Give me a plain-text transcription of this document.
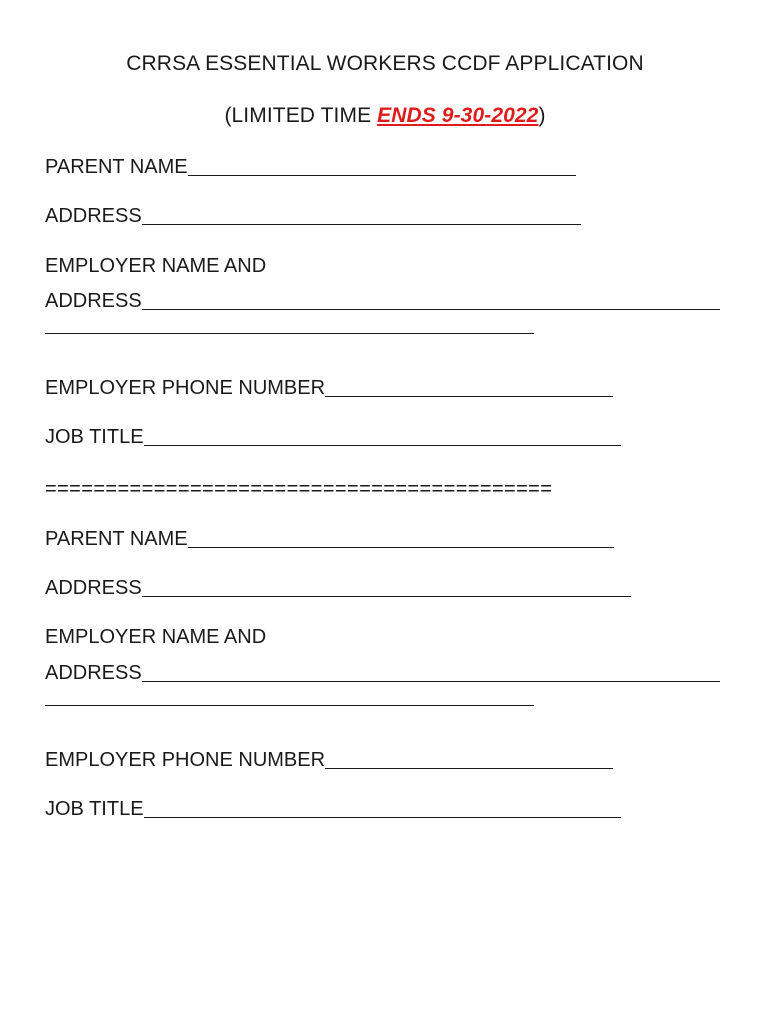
CRRSA ESSENTIAL WORKERS CCDF APPLICATION
(LIMITED TIME ENDS 9-30-2022)
PARENT NAME
ADDRESS
EMPLOYER NAME AND
ADDRESS
EMPLOYER PHONE NUMBER
JOB TITLE
==========================================
PARENT NAME
ADDRESS
EMPLOYER NAME AND
ADDRESS
EMPLOYER PHONE NUMBER
JOB TITLE
